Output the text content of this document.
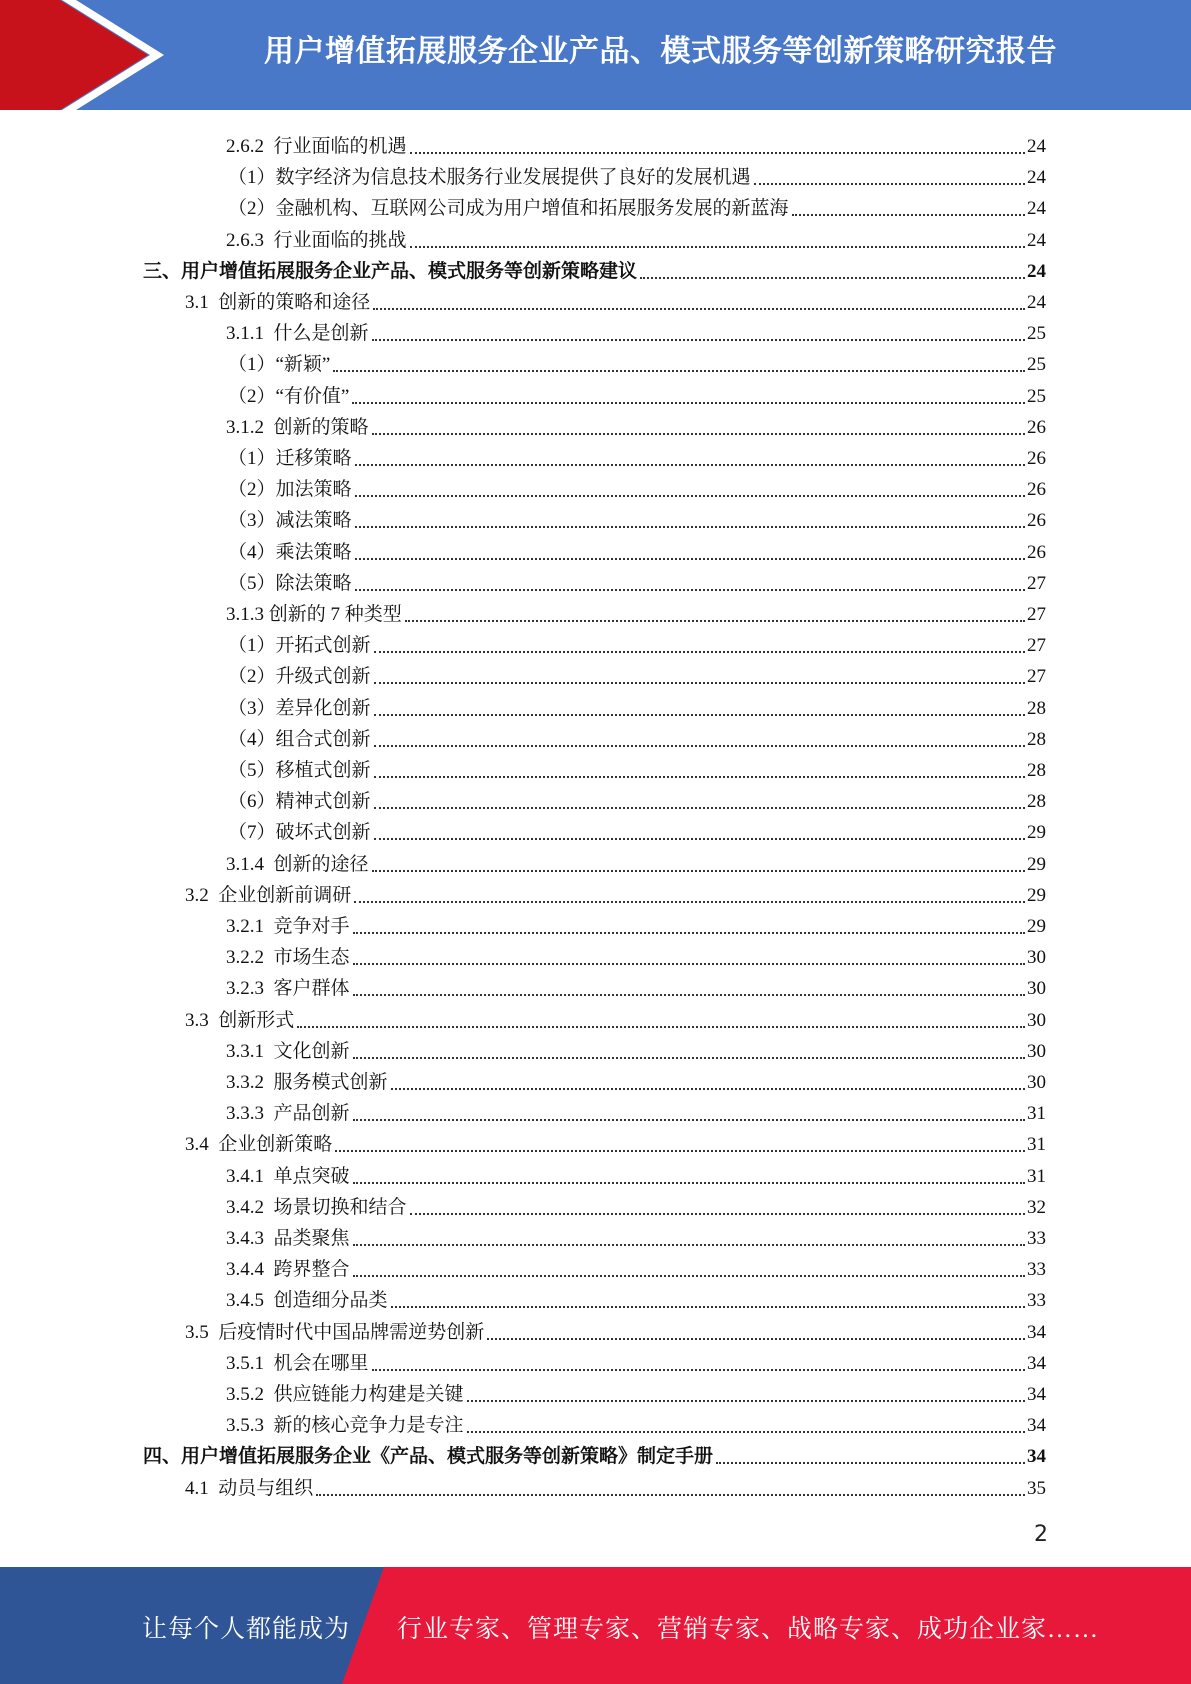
用户增值拓展服务企业产品、模式服务等创新策略研究报告
2.6.2  行业面临的机遇	24
（1）数字经济为信息技术服务行业发展提供了良好的发展机遇	24
（2）金融机构、互联网公司成为用户增值和拓展服务发展的新蓝海	24
2.6.3  行业面临的挑战	24
三、用户增值拓展服务企业产品、模式服务等创新策略建议	24
3.1  创新的策略和途径	24
3.1.1  什么是创新	25
（1）“新颖”	25
（2）“有价值”	25
3.1.2  创新的策略	26
（1）迁移策略	26
（2）加法策略	26
（3）减法策略	26
（4）乘法策略	26
（5）除法策略	27
3.1.3 创新的 7 种类型	27
（1）开拓式创新	27
（2）升级式创新	27
（3）差异化创新	28
（4）组合式创新	28
（5）移植式创新	28
（6）精神式创新	28
（7）破坏式创新	29
3.1.4  创新的途径	29
3.2  企业创新前调研	29
3.2.1  竞争对手	29
3.2.2  市场生态	30
3.2.3  客户群体	30
3.3  创新形式	30
3.3.1  文化创新	30
3.3.2  服务模式创新	30
3.3.3  产品创新	31
3.4  企业创新策略	31
3.4.1  单点突破	31
3.4.2  场景切换和结合	32
3.4.3  品类聚焦	33
3.4.4  跨界整合	33
3.4.5  创造细分品类	33
3.5  后疫情时代中国品牌需逆势创新	34
3.5.1  机会在哪里	34
3.5.2  供应链能力构建是关键	34
3.5.3  新的核心竞争力是专注	34
四、用户增值拓展服务企业《产品、模式服务等创新策略》制定手册	34
4.1  动员与组织	35
2
让每个人都能成为 行业专家、管理专家、营销专家、战略专家、成功企业家……
